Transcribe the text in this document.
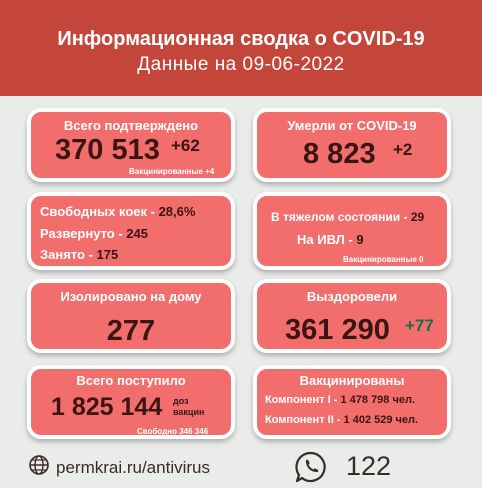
Информационная сводка о COVID-19
Данные на 09-06-2022
Всего подтверждено
370 513 +62
Вакцинированные +4
Умерли от COVID-19
8 823 +2
Свободных коек - 28,6%
Развернуто - 245
Занято - 175
В тяжелом состоянии - 29
На ИВЛ - 9
Вакцинированные 0
Изолировано на дому
277
Выздоровели
361 290 +77
Всего поступило
1 825 144 доз
вакцин
Свободно 346 346
Вакцинированы
Компонент I - 1 478 798 чел.
Компонент II - 1 402 529 чел.
permkrai.ru/antivirus	122
